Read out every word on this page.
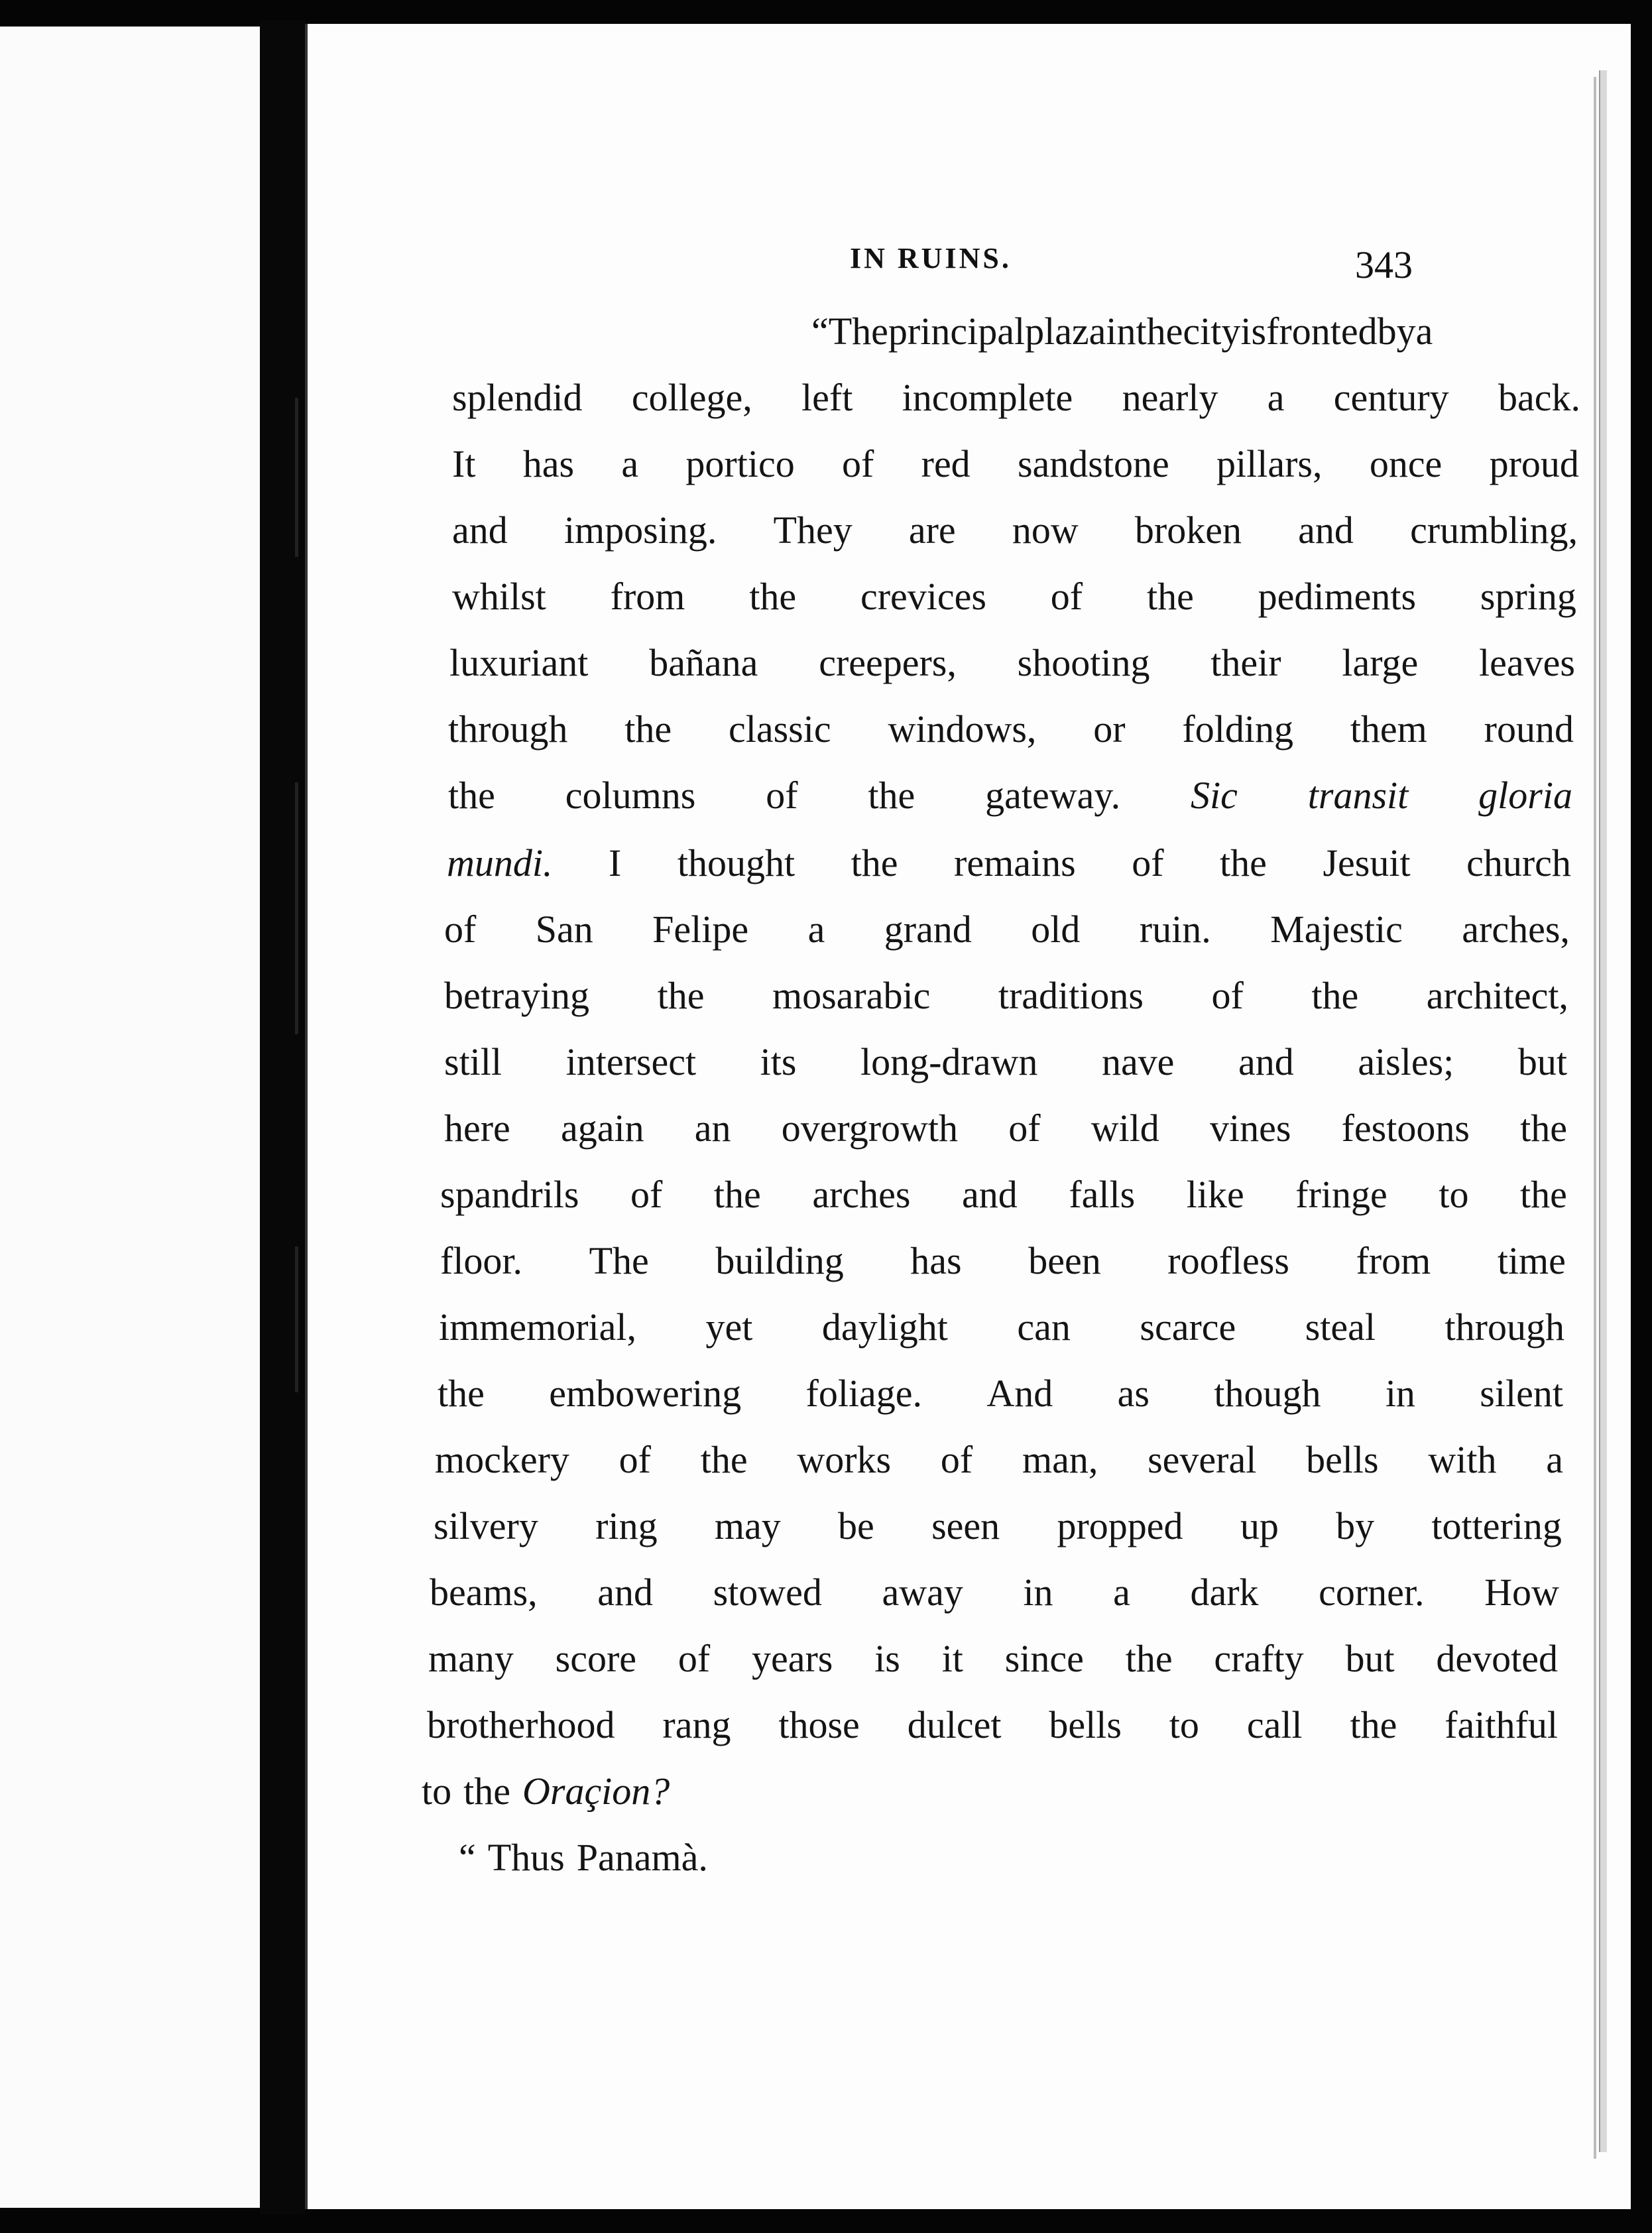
IN RUINS.	343
“ The principal plaza in the city is fronted by a
splendid college, left incomplete nearly a century back.
It has a portico of red sandstone pillars, once proud
and imposing. They are now broken and crumbling,
whilst from the crevices of the pediments spring
luxuriant bañana creepers, shooting their large leaves
through the classic windows, or folding them round
the columns of the gateway. Sic transit gloria
mundi. I thought the remains of the Jesuit church
of San Felipe a grand old ruin. Majestic arches,
betraying the mosarabic traditions of the architect,
still intersect its long-drawn nave and aisles; but
here again an overgrowth of wild vines festoons the
spandrils of the arches and falls like fringe to the
floor. The building has been roofless from time
immemorial, yet daylight can scarce steal through
the embowering foliage. And as though in silent
mockery of the works of man, several bells with a
silvery ring may be seen propped up by tottering
beams, and stowed away in a dark corner. How
many score of years is it since the crafty but devoted
brotherhood rang those dulcet bells to call the faithful
to the Oraçion?
“ Thus Panamà.
